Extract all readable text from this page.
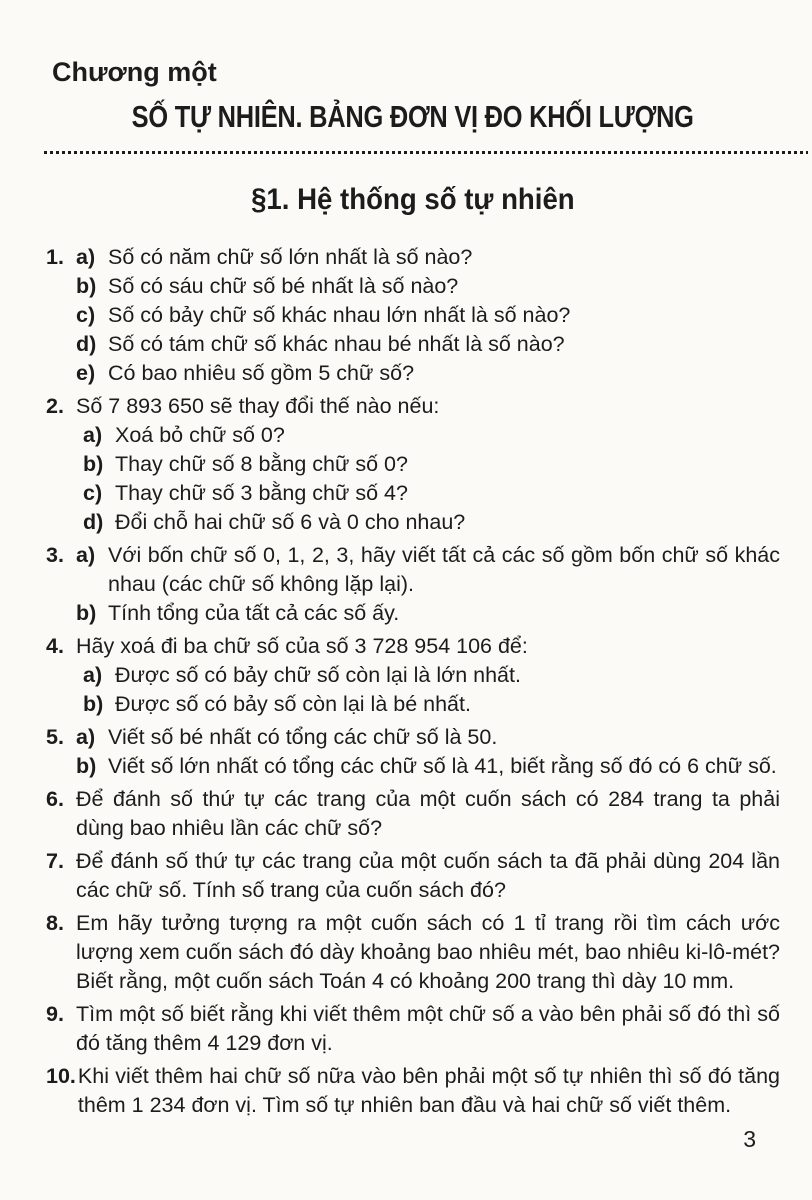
Chương một
SỐ TỰ NHIÊN. BẢNG ĐƠN VỊ ĐO KHỐI LƯỢNG
§1. Hệ thống số tự nhiên
1. a) Số có năm chữ số lớn nhất là số nào?
b) Số có sáu chữ số bé nhất là số nào?
c) Số có bảy chữ số khác nhau lớn nhất là số nào?
d) Số có tám chữ số khác nhau bé nhất là số nào?
e) Có bao nhiêu số gồm 5 chữ số?
2. Số 7 893 650 sẽ thay đổi thế nào nếu:
a) Xoá bỏ chữ số 0?
b) Thay chữ số 8 bằng chữ số 0?
c) Thay chữ số 3 bằng chữ số 4?
d) Đổi chỗ hai chữ số 6 và 0 cho nhau?
3. a) Với bốn chữ số 0, 1, 2, 3, hãy viết tất cả các số gồm bốn chữ số khác nhau (các chữ số không lặp lại).
b) Tính tổng của tất cả các số ấy.
4. Hãy xoá đi ba chữ số của số 3 728 954 106 để:
a) Được số có bảy chữ số còn lại là lớn nhất.
b) Được số có bảy số còn lại là bé nhất.
5. a) Viết số bé nhất có tổng các chữ số là 50.
b) Viết số lớn nhất có tổng các chữ số là 41, biết rằng số đó có 6 chữ số.
6. Để đánh số thứ tự các trang của một cuốn sách có 284 trang ta phải dùng bao nhiêu lần các chữ số?
7. Để đánh số thứ tự các trang của một cuốn sách ta đã phải dùng 204 lần các chữ số. Tính số trang của cuốn sách đó?
8. Em hãy tưởng tượng ra một cuốn sách có 1 tỉ trang rồi tìm cách ước lượng xem cuốn sách đó dày khoảng bao nhiêu mét, bao nhiêu ki-lô-mét? Biết rằng, một cuốn sách Toán 4 có khoảng 200 trang thì dày 10 mm.
9. Tìm một số biết rằng khi viết thêm một chữ số a vào bên phải số đó thì số đó tăng thêm 4 129 đơn vị.
10. Khi viết thêm hai chữ số nữa vào bên phải một số tự nhiên thì số đó tăng thêm 1 234 đơn vị. Tìm số tự nhiên ban đầu và hai chữ số viết thêm.
3
